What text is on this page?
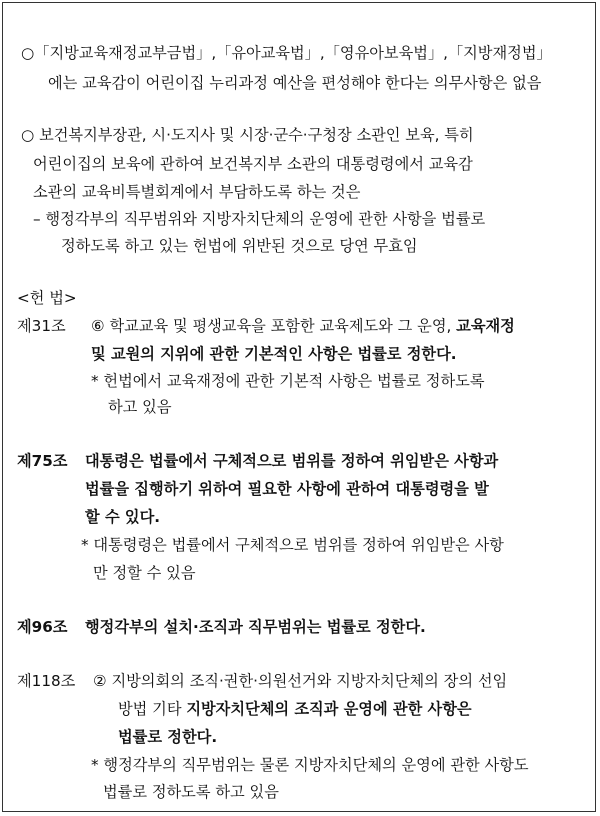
○「지방교육재정교부금법」,「유아교육법」,「영유아보육법」,「지방재정법」
에는 교육감이 어린이집 누리과정 예산을 편성해야 한다는 의무사항은 없음
○ 보건복지부장관, 시·도지사 및 시장·군수·구청장 소관인 보육, 특히
어린이집의 보육에 관하여 보건복지부 소관의 대통령령에서 교육감
소관의 교육비특별회계에서 부담하도록 하는 것은
– 행정각부의 직무범위와 지방자치단체의 운영에 관한 사항을 법률로
정하도록 하고 있는 헌법에 위반된 것으로 당연 무효임
<헌 법>
제31조 ⑥ 학교교육 및 평생교육을 포함한 교육제도와 그 운영, 교육재정
및 교원의 지위에 관한 기본적인 사항은 법률로 정한다.
* 헌법에서 교육재정에 관한 기본적 사항은 법률로 정하도록
하고 있음
제75조 대통령은 법률에서 구체적으로 범위를 정하여 위임받은 사항과
법률을 집행하기 위하여 필요한 사항에 관하여 대통령령을 발
할 수 있다.
* 대통령령은 법률에서 구체적으로 범위를 정하여 위임받은 사항
만 정할 수 있음
제96조 행정각부의 설치·조직과 직무범위는 법률로 정한다.
제118조 ② 지방의회의 조직·권한·의원선거와 지방자치단체의 장의 선임
방법 기타 지방자치단체의 조직과 운영에 관한 사항은
법률로 정한다.
* 행정각부의 직무범위는 물론 지방자치단체의 운영에 관한 사항도
법률로 정하도록 하고 있음
